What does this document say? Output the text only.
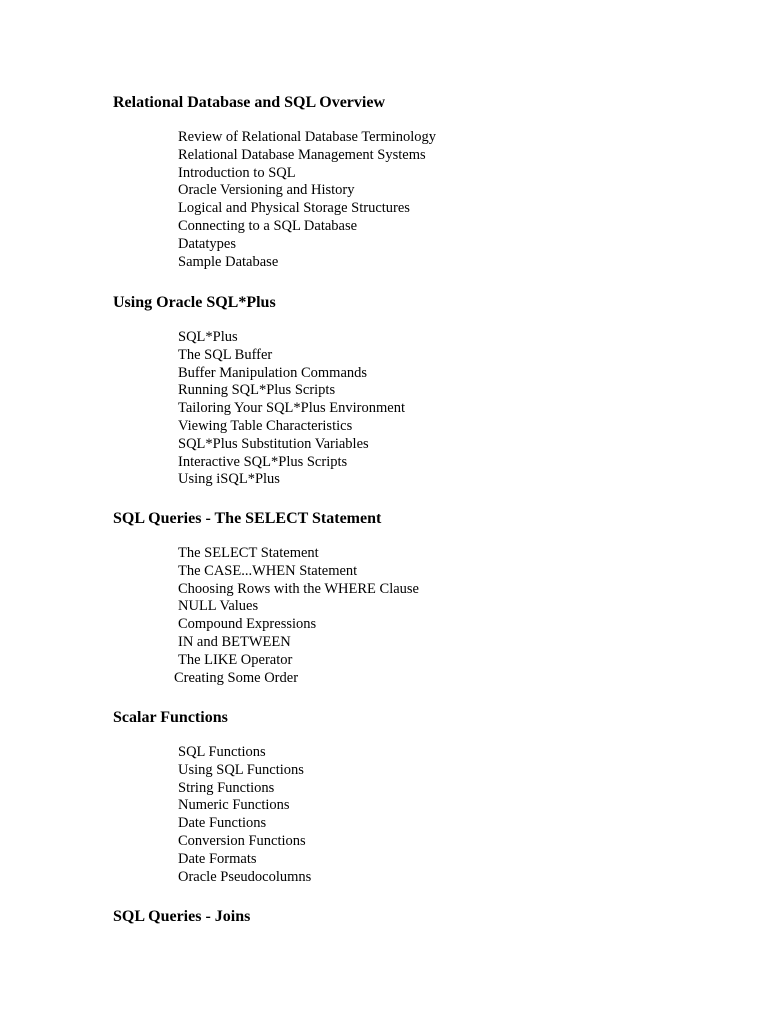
Relational Database and SQL Overview
Review of Relational Database Terminology
Relational Database Management Systems
Introduction to SQL
Oracle Versioning and History
Logical and Physical Storage Structures
Connecting to a SQL Database
Datatypes
Sample Database
Using Oracle SQL*Plus
SQL*Plus
The SQL Buffer
Buffer Manipulation Commands
Running SQL*Plus Scripts
Tailoring Your SQL*Plus Environment
Viewing Table Characteristics
SQL*Plus Substitution Variables
Interactive SQL*Plus Scripts
Using iSQL*Plus
SQL Queries - The SELECT Statement
The SELECT Statement
The CASE...WHEN Statement
Choosing Rows with the WHERE Clause
NULL Values
Compound Expressions
IN and BETWEEN
The LIKE Operator
Creating Some Order
Scalar Functions
SQL Functions
Using SQL Functions
String Functions
Numeric Functions
Date Functions
Conversion Functions
Date Formats
Oracle Pseudocolumns
SQL Queries - Joins
